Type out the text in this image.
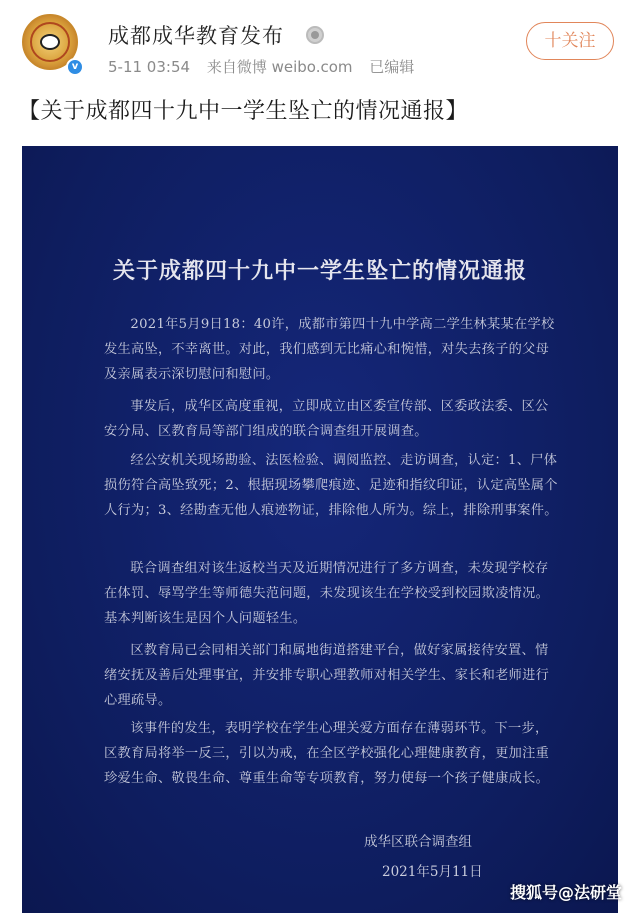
v
成都成华教育发布
5-11 03:54 来自微博 weibo.com 已编辑
十关注
【关于成都四十九中一学生坠亡的情况通报】
关于成都四十九中一学生坠亡的情况通报

2021年5月9日18：40许，成都市第四十九中学高二学生林某某在学校发生高坠，不幸离世。对此，我们感到无比痛心和惋惜，对失去孩子的父母及亲属表示深切慰问和慰问。

事发后，成华区高度重视，立即成立由区委宣传部、区委政法委、区公安分局、区教育局等部门组成的联合调查组开展调查。

经公安机关现场勘验、法医检验、调阅监控、走访调查，认定：1、尸体损伤符合高坠致死；2、根据现场攀爬痕迹、足迹和指纹印证，认定高坠属个人行为；3、经勘查无他人痕迹物证，排除他人所为。综上，排除刑事案件。

联合调查组对该生返校当天及近期情况进行了多方调查，未发现学校存在体罚、辱骂学生等师德失范问题，未发现该生在学校受到校园欺凌情况。基本判断该生是因个人问题轻生。

区教育局已会同相关部门和属地街道搭建平台，做好家属接待安置、情绪安抚及善后处理事宜，并安排专职心理教师对相关学生、家长和老师进行心理疏导。

该事件的发生，表明学校在学生心理关爱方面存在薄弱环节。下一步，区教育局将举一反三，引以为戒，在全区学校强化心理健康教育，更加注重珍爱生命、敬畏生命、尊重生命等专项教育，努力使每一个孩子健康成长。

成华区联合调查组
2021年5月11日
搜狐号@法研堂
